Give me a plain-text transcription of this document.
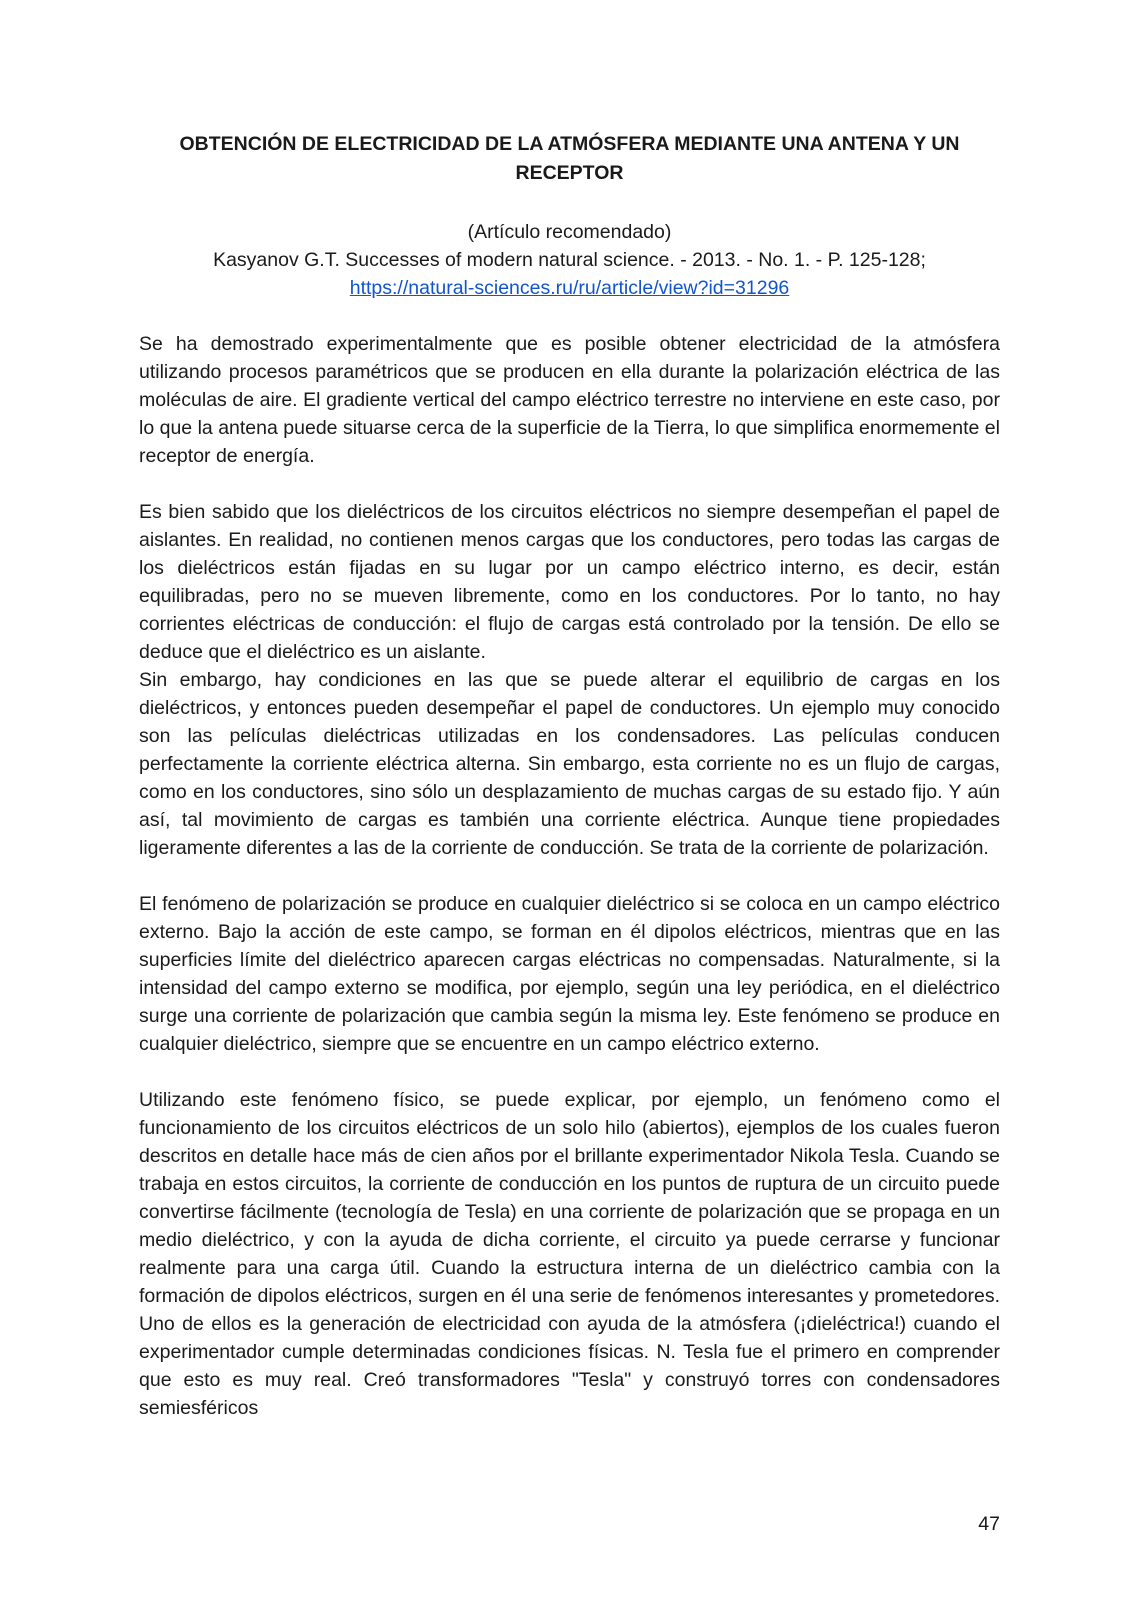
OBTENCIÓN DE ELECTRICIDAD DE LA ATMÓSFERA MEDIANTE UNA ANTENA Y UN RECEPTOR
(Artículo recomendado)
Kasyanov G.T. Successes of modern natural science. - 2013. - No. 1. - P. 125-128;
https://natural-sciences.ru/ru/article/view?id=31296

Se ha demostrado experimentalmente que es posible obtener electricidad de la atmósfera utilizando procesos paramétricos que se producen en ella durante la polarización eléctrica de las moléculas de aire. El gradiente vertical del campo eléctrico terrestre no interviene en este caso, por lo que la antena puede situarse cerca de la superficie de la Tierra, lo que simplifica enormemente el receptor de energía.

Es bien sabido que los dieléctricos de los circuitos eléctricos no siempre desempeñan el papel de aislantes. En realidad, no contienen menos cargas que los conductores, pero todas las cargas de los dieléctricos están fijadas en su lugar por un campo eléctrico interno, es decir, están equilibradas, pero no se mueven libremente, como en los conductores. Por lo tanto, no hay corrientes eléctricas de conducción: el flujo de cargas está controlado por la tensión. De ello se deduce que el dieléctrico es un aislante.

Sin embargo, hay condiciones en las que se puede alterar el equilibrio de cargas en los dieléctricos, y entonces pueden desempeñar el papel de conductores. Un ejemplo muy conocido son las películas dieléctricas utilizadas en los condensadores. Las películas conducen perfectamente la corriente eléctrica alterna. Sin embargo, esta corriente no es un flujo de cargas, como en los conductores, sino sólo un desplazamiento de muchas cargas de su estado fijo. Y aún así, tal movimiento de cargas es también una corriente eléctrica. Aunque tiene propiedades ligeramente diferentes a las de la corriente de conducción. Se trata de la corriente de polarización.

El fenómeno de polarización se produce en cualquier dieléctrico si se coloca en un campo eléctrico externo. Bajo la acción de este campo, se forman en él dipolos eléctricos, mientras que en las superficies límite del dieléctrico aparecen cargas eléctricas no compensadas. Naturalmente, si la intensidad del campo externo se modifica, por ejemplo, según una ley periódica, en el dieléctrico surge una corriente de polarización que cambia según la misma ley. Este fenómeno se produce en cualquier dieléctrico, siempre que se encuentre en un campo eléctrico externo.

Utilizando este fenómeno físico, se puede explicar, por ejemplo, un fenómeno como el funcionamiento de los circuitos eléctricos de un solo hilo (abiertos), ejemplos de los cuales fueron descritos en detalle hace más de cien años por el brillante experimentador Nikola Tesla. Cuando se trabaja en estos circuitos, la corriente de conducción en los puntos de ruptura de un circuito puede convertirse fácilmente (tecnología de Tesla) en una corriente de polarización que se propaga en un medio dieléctrico, y con la ayuda de dicha corriente, el circuito ya puede cerrarse y funcionar realmente para una carga útil. Cuando la estructura interna de un dieléctrico cambia con la formación de dipolos eléctricos, surgen en él una serie de fenómenos interesantes y prometedores. Uno de ellos es la generación de electricidad con ayuda de la atmósfera (¡dieléctrica!) cuando el experimentador cumple determinadas condiciones físicas. N. Tesla fue el primero en comprender que esto es muy real. Creó transformadores "Tesla" y construyó torres con condensadores semiesféricos

47
